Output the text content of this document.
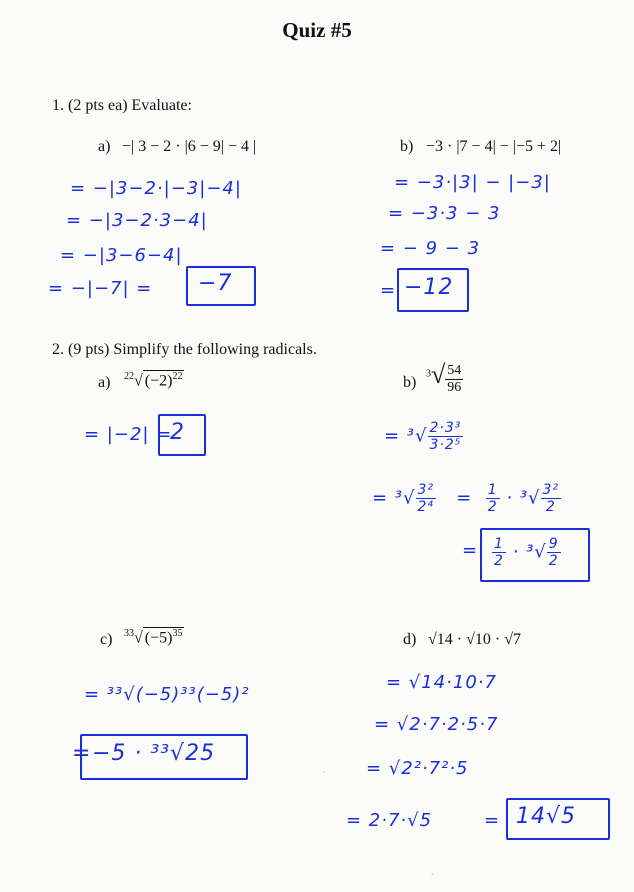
Quiz #5
1. (2 pts ea) Evaluate:
a) −| 3 − 2 · |6 − 9| − 4 |
= −|3−2·|−3|−4|
= −|3−2·3−4|
= −|3−6−4|
= −|−7| = −7
b) −3 · |7 − 4| − |−5 + 2|
= −3·|3| − |−3|
= −3·3 − 3
= − 9 − 3
= −12
2. (9 pts) Simplify the following radicals.
a) $^{22}$√ $(-2)^{22}$
= |−2| =
2
b) $^3√ \frac{54}{96}$
= $^3√ \frac{\text{2·3³}}{\text{3·2⁵}}$
= $^3√ \frac{\text{3²}}{\text{2⁴}} = \frac{1}{2} \cdot ^3√ \frac{\text{3²}}{2}$
= $\frac{1}{2} \cdot ^3√ \frac{9}{2}$
c) $^{33}$√ $(-5)^{35}$
= ³³√(−5)³³(−5)²
= −5 · ³³√25
d) √14 · √10 · √7
= √14·10·7
= √2·7·2·5·7
= √2²·7²·5
= 2·7·√5	= 14√5
·
·
